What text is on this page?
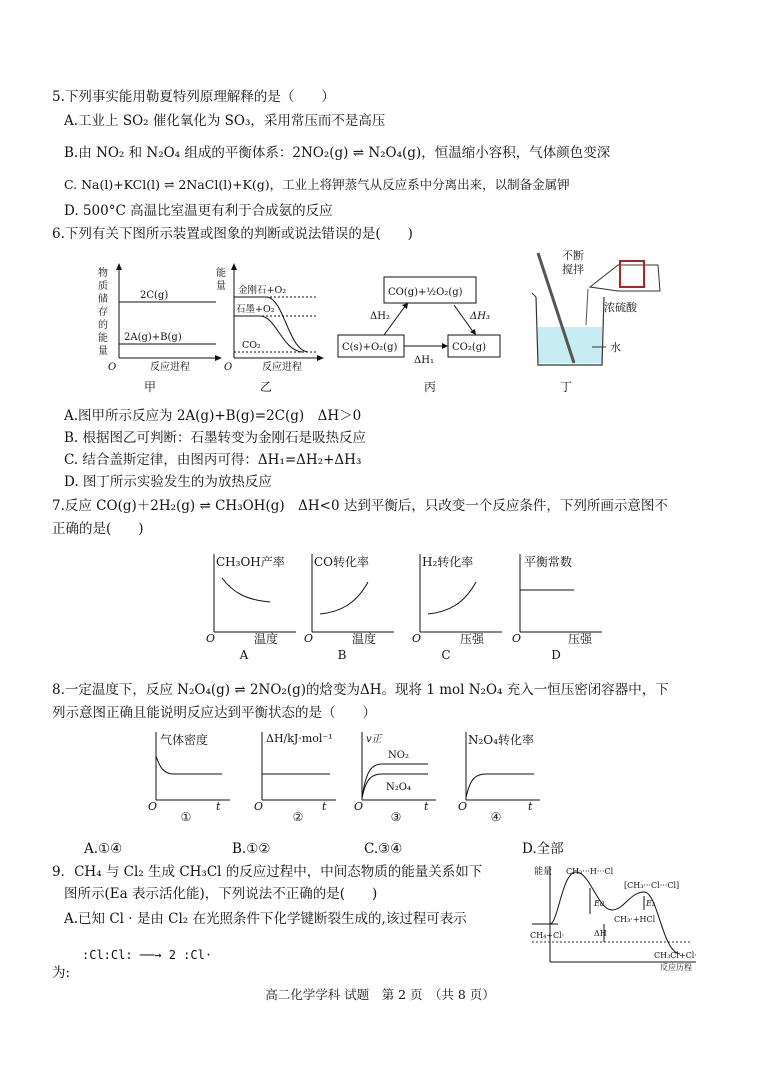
5.下列事实能用勒夏特列原理解释的是（　　）
A.工业上 SO₂ 催化氧化为 SO₃，采用常压而不是高压
B.由 NO₂ 和 N₂O₄ 组成的平衡体系：2NO₂(g) ⇌ N₂O₄(g)，恒温缩小容积，气体颜色变深
C. Na(l)+KCl(l) ⇌ 2NaCl(l)+K(g)，工业上将钾蒸气从反应系中分离出来，以制备金属钾
D. 500°C 高温比室温更有利于合成氨的反应
6.下列有关下图所示装置或图象的判断或说法错误的是(　　)
2C(g)
2A(g)+B(g)
O	反应进程
物
质
储
存
的
能
量
甲
金刚石+O₂
石墨+O₂
CO₂
能
量
O	反应进程
乙
CO(g)+½O₂(g)
C(s)+O₂(g)	CO₂(g)
ΔH₂	ΔH₃
ΔH₁
丙
不断
搅拌
浓硫酸
水
丁
A.图甲所示反应为 2A(g)+B(g)=2C(g)　ΔH＞0
B. 根据图乙可判断：石墨转变为金刚石是吸热反应
C. 结合盖斯定律，由图丙可得：ΔH₁=ΔH₂+ΔH₃
D. 图丁所示实验发生的为放热反应
7.反应 CO(g)＋2H₂(g) ⇌ CH₃OH(g)　ΔH<0 达到平衡后，只改变一个反应条件，下列所画示意图不
正确的是(　　)
CH₃OH产率
O	温度
A
CO转化率
O	温度
B
H₂转化率
O	压强
C
平衡常数
O	压强
D
8.一定温度下，反应 N₂O₄(g) ⇌ 2NO₂(g)的焓变为ΔH。现将 1 mol N₂O₄ 充入一恒压密闭容器中，下
列示意图正确且能说明反应达到平衡状态的是（　　）
气体密度
O	t
①
ΔH/kJ·mol⁻¹
O	t
②
v正
NO₂
N₂O₄
O	t
③
N₂O₄转化率
O	t
④
A.①④	B.①②	C.③④	D.全部
9．CH₄ 与 Cl₂ 生成 CH₃Cl 的反应过程中，中间态物质的能量关系如下
图所示(Ea 表示活化能)，下列说法不正确的是(　　)
A.已知 Cl · 是由 Cl₂ 在光照条件下化学键断裂生成的,该过程可表示
:Cl:Cl: ──→ 2 :Cl·
为:
能量 CH₃···H···Cl
[CH₃···Cl···Cl]
CH₃·+HCl
CH₄+Cl·
Ea	E₂
ΔH
CH₃Cl+Cl·
反应历程
高二化学学科 试题　第 2 页　（共 8 页）
